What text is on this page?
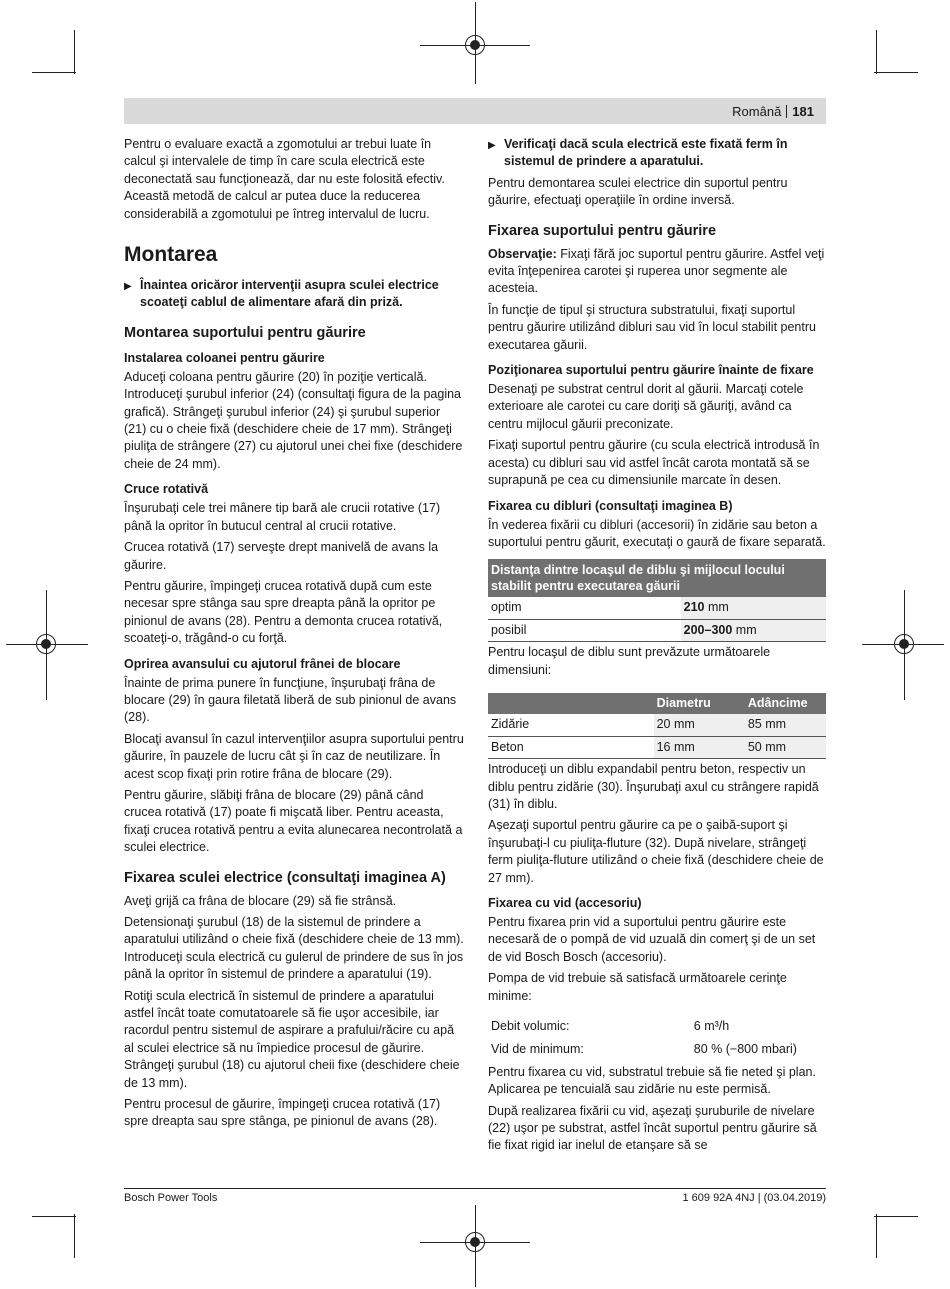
Română 181

Pentru o evaluare exactă a zgomotului ar trebui luate în calcul şi intervalele de timp în care scula electrică este deconectată sau funcţionează, dar nu este folosită efectiv. Această metodă de calcul ar putea duce la reducerea considerabilă a zgomotului pe întreg intervalul de lucru.

Montarea
▶ Înaintea oricăror intervenţii asupra sculei electrice scoateţi cablul de alimentare afară din priză.
Montarea suportului pentru găurire
Instalarea coloanei pentru găurire

Aduceţi coloana pentru găurire (20) în poziţie verticală. Introduceţi şurubul inferior (24) (consultaţi figura de la pagina grafică). Strângeţi şurubul inferior (24) şi şurubul superior (21) cu o cheie fixă (deschidere cheie de 17 mm). Strângeţi piuliţa de strângere (27) cu ajutorul unei chei fixe (deschidere cheie de 24 mm).

Cruce rotativă

Înşurubaţi cele trei mânere tip bară ale crucii rotative (17) până la opritor în butucul central al crucii rotative.

Crucea rotativă (17) serveşte drept manivelă de avans la găurire.

Pentru găurire, împingeţi crucea rotativă după cum este necesar spre stânga sau spre dreapta până la opritor pe pinionul de avans (28). Pentru a demonta crucea rotativă, scoateţi-o, trăgând-o cu forţă.

Oprirea avansului cu ajutorul frânei de blocare

Înainte de prima punere în funcţiune, înşurubaţi frâna de blocare (29) în gaura filetată liberă de sub pinionul de avans (28).

Blocaţi avansul în cazul intervenţiilor asupra suportului pentru găurire, în pauzele de lucru cât şi în caz de neutilizare. În acest scop fixaţi prin rotire frâna de blocare (29).

Pentru găurire, slăbiţi frâna de blocare (29) până când crucea rotativă (17) poate fi mişcată liber. Pentru aceasta, fixaţi crucea rotativă pentru a evita alunecarea necontrolată a sculei electrice.

Fixarea sculei electrice (consultaţi imaginea A)

Aveţi grijă ca frâna de blocare (29) să fie strânsă.

Detensionaţi şurubul (18) de la sistemul de prindere a aparatului utilizând o cheie fixă (deschidere cheie de 13 mm). Introduceţi scula electrică cu gulerul de prindere de sus în jos până la opritor în sistemul de prindere a aparatului (19).

Rotiţi scula electrică în sistemul de prindere a aparatului astfel încât toate comutatoarele să fie uşor accesibile, iar racordul pentru sistemul de aspirare a prafului/răcire cu apă al sculei electrice să nu împiedice procesul de găurire. Strângeţi şurubul (18) cu ajutorul cheii fixe (deschidere cheie de 13 mm).

Pentru procesul de găurire, împingeţi crucea rotativă (17) spre dreapta sau spre stânga, pe pinionul de avans (28).

▶ Verificaţi dacă scula electrică este fixată ferm în sistemul de prindere a aparatului.

Pentru demontarea sculei electrice din suportul pentru găurire, efectuaţi operaţiile în ordine inversă.

Fixarea suportului pentru găurire

Observaţie: Fixaţi fără joc suportul pentru găurire. Astfel veţi evita înţepenirea carotei şi ruperea unor segmente ale acesteia.

În funcţie de tipul şi structura substratului, fixaţi suportul pentru găurire utilizând dibluri sau vid în locul stabilit pentru executarea găurii.

Poziţionarea suportului pentru găurire înainte de fixare

Desenaţi pe substrat centrul dorit al găurii. Marcaţi cotele exterioare ale carotei cu care doriţi să găuriţi, având ca centru mijlocul găurii preconizate.

Fixaţi suportul pentru găurire (cu scula electrică introdusă în acesta) cu dibluri sau vid astfel încât carota montată să se suprapună pe cea cu dimensiunile marcate în desen.

Fixarea cu dibluri (consultaţi imaginea B)

În vederea fixării cu dibluri (accesorii) în zidărie sau beton a suportului pentru găurit, executaţi o gaură de fixare separată.

Distanţa dintre locaşul de diblu şi mijlocul locului stabilit pentru executarea găurii	
optim	210 mm
posibil	200–300 mm

Pentru locaşul de diblu sunt prevăzute următoarele dimensiuni:

	Diametru	Adâncime
Zidărie	20 mm	85 mm
Beton	16 mm	50 mm

Introduceţi un diblu expandabil pentru beton, respectiv un diblu pentru zidărie (30). Înşurubaţi axul cu strângere rapidă (31) în diblu.

Aşezaţi suportul pentru găurire ca pe o şaibă-suport şi înşurubaţi-l cu piuliţa-fluture (32). După nivelare, strângeţi ferm piuliţa-fluture utilizând o cheie fixă (deschidere cheie de 27 mm).

Fixarea cu vid (accesoriu)

Pentru fixarea prin vid a suportului pentru găurire este necesară de o pompă de vid uzuală din comerţ şi de un set de vid Bosch Bosch (accesoriu).

Pompa de vid trebuie să satisfacă următoarele cerinţe minime:

Debit volumic:	6 m³/h
Vid de minimum:	80 % (−800 mbari)

Pentru fixarea cu vid, substratul trebuie să fie neted şi plan. Aplicarea pe tencuială sau zidărie nu este permisă.

După realizarea fixării cu vid, aşezaţi şuruburile de nivelare (22) uşor pe substrat, astfel încât suportul pentru găurire să fie fixat rigid iar inelul de etanşare să se

Bosch Power Tools	1 609 92A 4NJ | (03.04.2019)
